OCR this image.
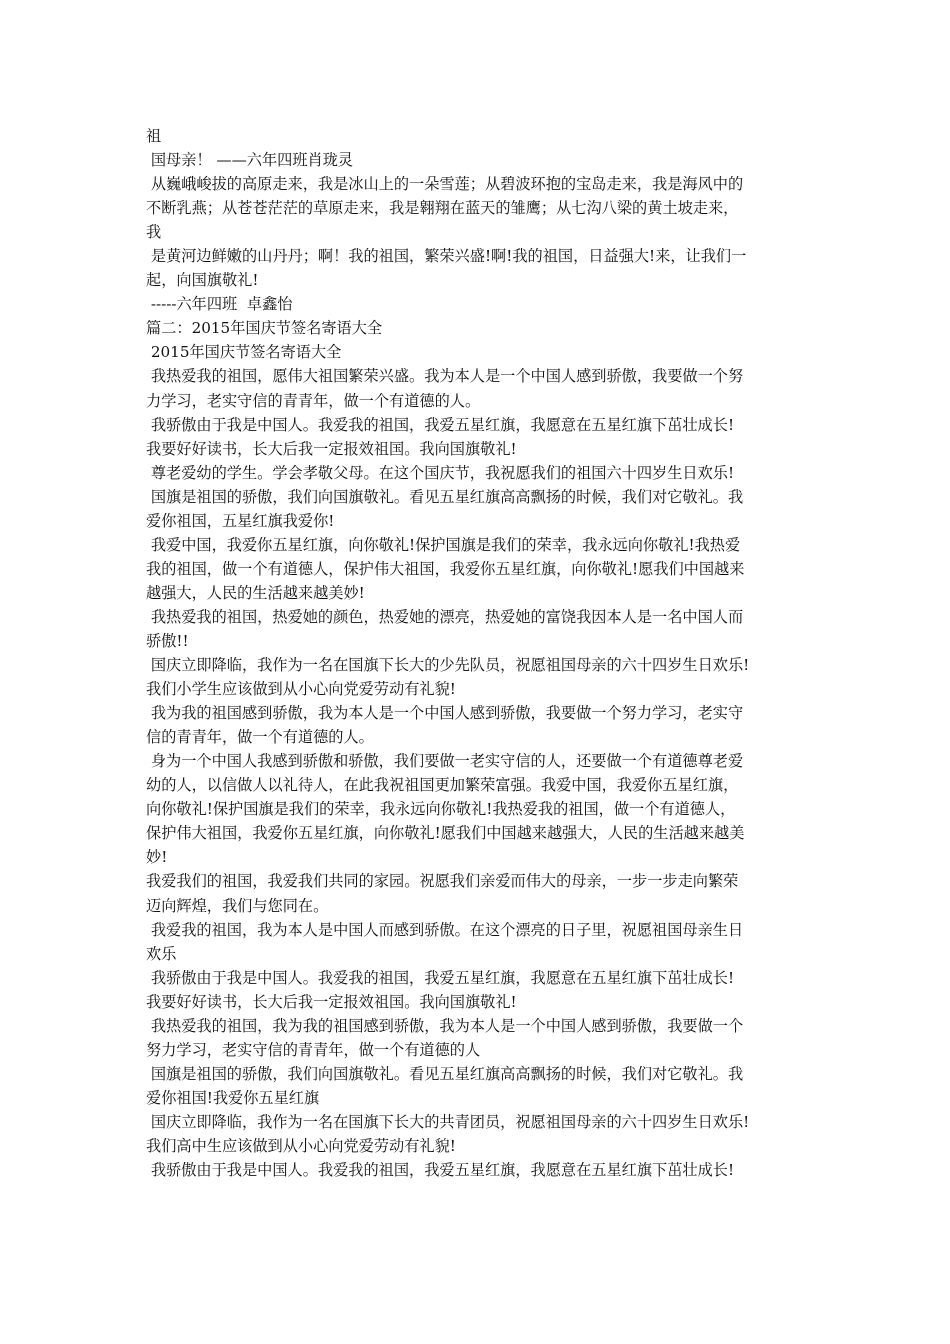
祖
国母亲！ ——六年四班肖珑灵
从巍峨峻拔的高原走来，我是冰山上的一朵雪莲；从碧波环抱的宝岛走来，我是海风中的
不断乳燕；从苍苍茫茫的草原走来，我是翱翔在蓝天的雏鹰；从七沟八梁的黄土坡走来，
我
是黄河边鲜嫩的山丹丹；啊！我的祖国，繁荣兴盛!啊!我的祖国，日益强大!来，让我们一
起，向国旗敬礼!
-----六年四班  卓鑫怡
篇二：2015年国庆节签名寄语大全
2015年国庆节签名寄语大全
我热爱我的祖国，愿伟大祖国繁荣兴盛。我为本人是一个中国人感到骄傲，我要做一个努
力学习，老实守信的青青年，做一个有道德的人。
我骄傲由于我是中国人。我爱我的祖国，我爱五星红旗，我愿意在五星红旗下茁壮成长!
我要好好读书，长大后我一定报效祖国。我向国旗敬礼!
尊老爱幼的学生。学会孝敬父母。在这个国庆节，我祝愿我们的祖国六十四岁生日欢乐!
国旗是祖国的骄傲，我们向国旗敬礼。看见五星红旗高高飘扬的时候，我们对它敬礼。我
爱你祖国，五星红旗我爱你!
我爱中国，我爱你五星红旗，向你敬礼!保护国旗是我们的荣幸，我永远向你敬礼!我热爱
我的祖国，做一个有道德人，保护伟大祖国，我爱你五星红旗，向你敬礼!愿我们中国越来
越强大，人民的生活越来越美妙!
我热爱我的祖国，热爱她的颜色，热爱她的漂亮，热爱她的富饶我因本人是一名中国人而
骄傲!!
国庆立即降临，我作为一名在国旗下长大的少先队员，祝愿祖国母亲的六十四岁生日欢乐!
我们小学生应该做到从小心向党爱劳动有礼貌!
我为我的祖国感到骄傲，我为本人是一个中国人感到骄傲，我要做一个努力学习，老实守
信的青青年，做一个有道德的人。
身为一个中国人我感到骄傲和骄傲，我们要做一老实守信的人，还要做一个有道德尊老爱
幼的人，以信做人以礼待人，在此我祝祖国更加繁荣富强。我爱中国，我爱你五星红旗，
向你敬礼!保护国旗是我们的荣幸，我永远向你敬礼!我热爱我的祖国，做一个有道德人，
保护伟大祖国，我爱你五星红旗，向你敬礼!愿我们中国越来越强大，人民的生活越来越美
妙!
我爱我们的祖国，我爱我们共同的家园。祝愿我们亲爱而伟大的母亲，一步一步走向繁荣
迈向辉煌，我们与您同在。
我爱我的祖国，我为本人是中国人而感到骄傲。在这个漂亮的日子里，祝愿祖国母亲生日
欢乐
我骄傲由于我是中国人。我爱我的祖国，我爱五星红旗，我愿意在五星红旗下茁壮成长!
我要好好读书，长大后我一定报效祖国。我向国旗敬礼!
我热爱我的祖国，我为我的祖国感到骄傲，我为本人是一个中国人感到骄傲，我要做一个
努力学习，老实守信的青青年，做一个有道德的人
国旗是祖国的骄傲，我们向国旗敬礼。看见五星红旗高高飘扬的时候，我们对它敬礼。我
爱你祖国!我爱你五星红旗
国庆立即降临，我作为一名在国旗下长大的共青团员，祝愿祖国母亲的六十四岁生日欢乐!
我们高中生应该做到从小心向党爱劳动有礼貌!
我骄傲由于我是中国人。我爱我的祖国，我爱五星红旗，我愿意在五星红旗下茁壮成长!
